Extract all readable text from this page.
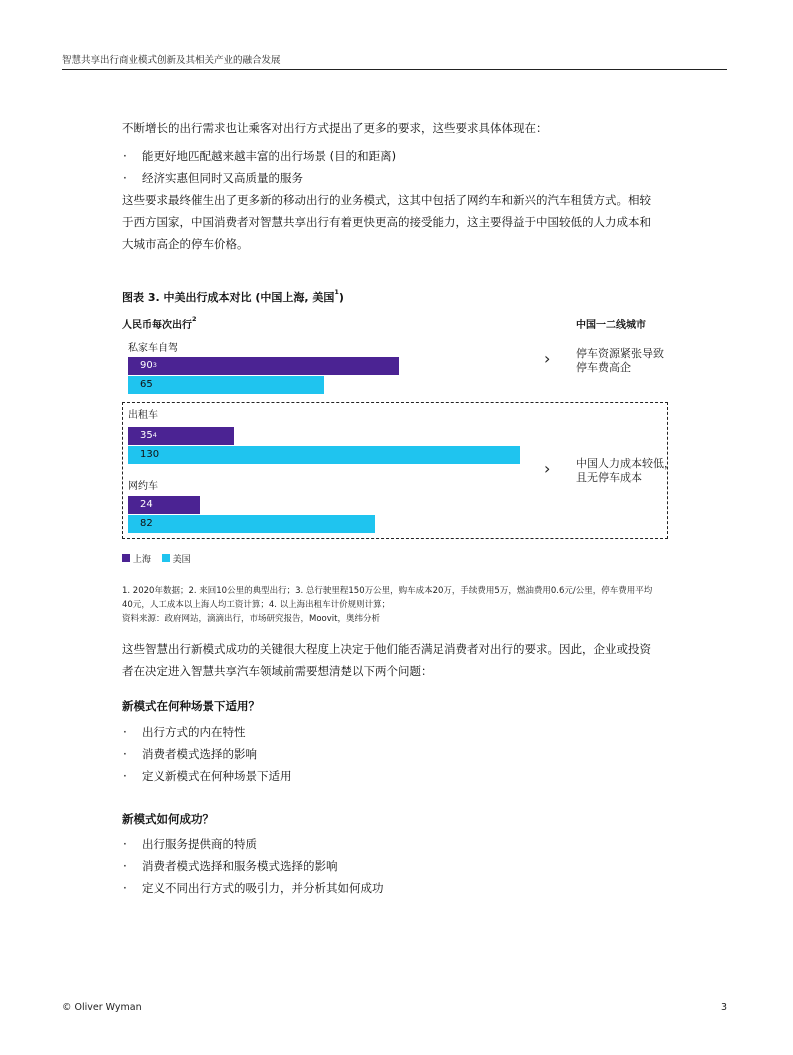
智慧共享出行商业模式创新及其相关产业的融合发展

不断增长的出行需求也让乘客对出行方式提出了更多的要求，这些要求具体体现在：

· 能更好地匹配越来越丰富的出行场景 (目的和距离)
· 经济实惠但同时又高质量的服务
这些要求最终催生出了更多新的移动出行的业务模式，这其中包括了网约车和新兴的汽车租赁方式。相较
于西方国家，中国消费者对智慧共享出行有着更快更高的接受能力，这主要得益于中国较低的人力成本和
大城市高企的停车价格。
图表 3. 中美出行成本对比 (中国上海, 美国$^1$)
人民币每次出行$^2$
中国一二线城市
私家车自驾
出租车
网约车
$90^3$
65
$35^4$
130
24
82
› 停车资源紧张导致
停车费高企
› 中国人力成本较低，
且无停车成本
上海 美国
1. 2020年数据；2. 来回10公里的典型出行；3. 总行驶里程150万公里，购车成本20万，手续费用5万，燃油费用0.6元/公里，停车费用平均
40元，人工成本以上海人均工资计算；4. 以上海出租车计价规则计算；
资料来源：政府网站，滴滴出行，市场研究报告，Moovit，奥纬分析
这些智慧出行新模式成功的关键很大程度上决定于他们能否满足消费者对出行的要求。因此，企业或投资
者在决定进入智慧共享汽车领域前需要想清楚以下两个问题：
新模式在何种场景下适用？
· 出行方式的内在特性
· 消费者模式选择的影响
· 定义新模式在何种场景下适用
新模式如何成功？
· 出行服务提供商的特质
· 消费者模式选择和服务模式选择的影响
· 定义不同出行方式的吸引力，并分析其如何成功
© Oliver Wyman	3
